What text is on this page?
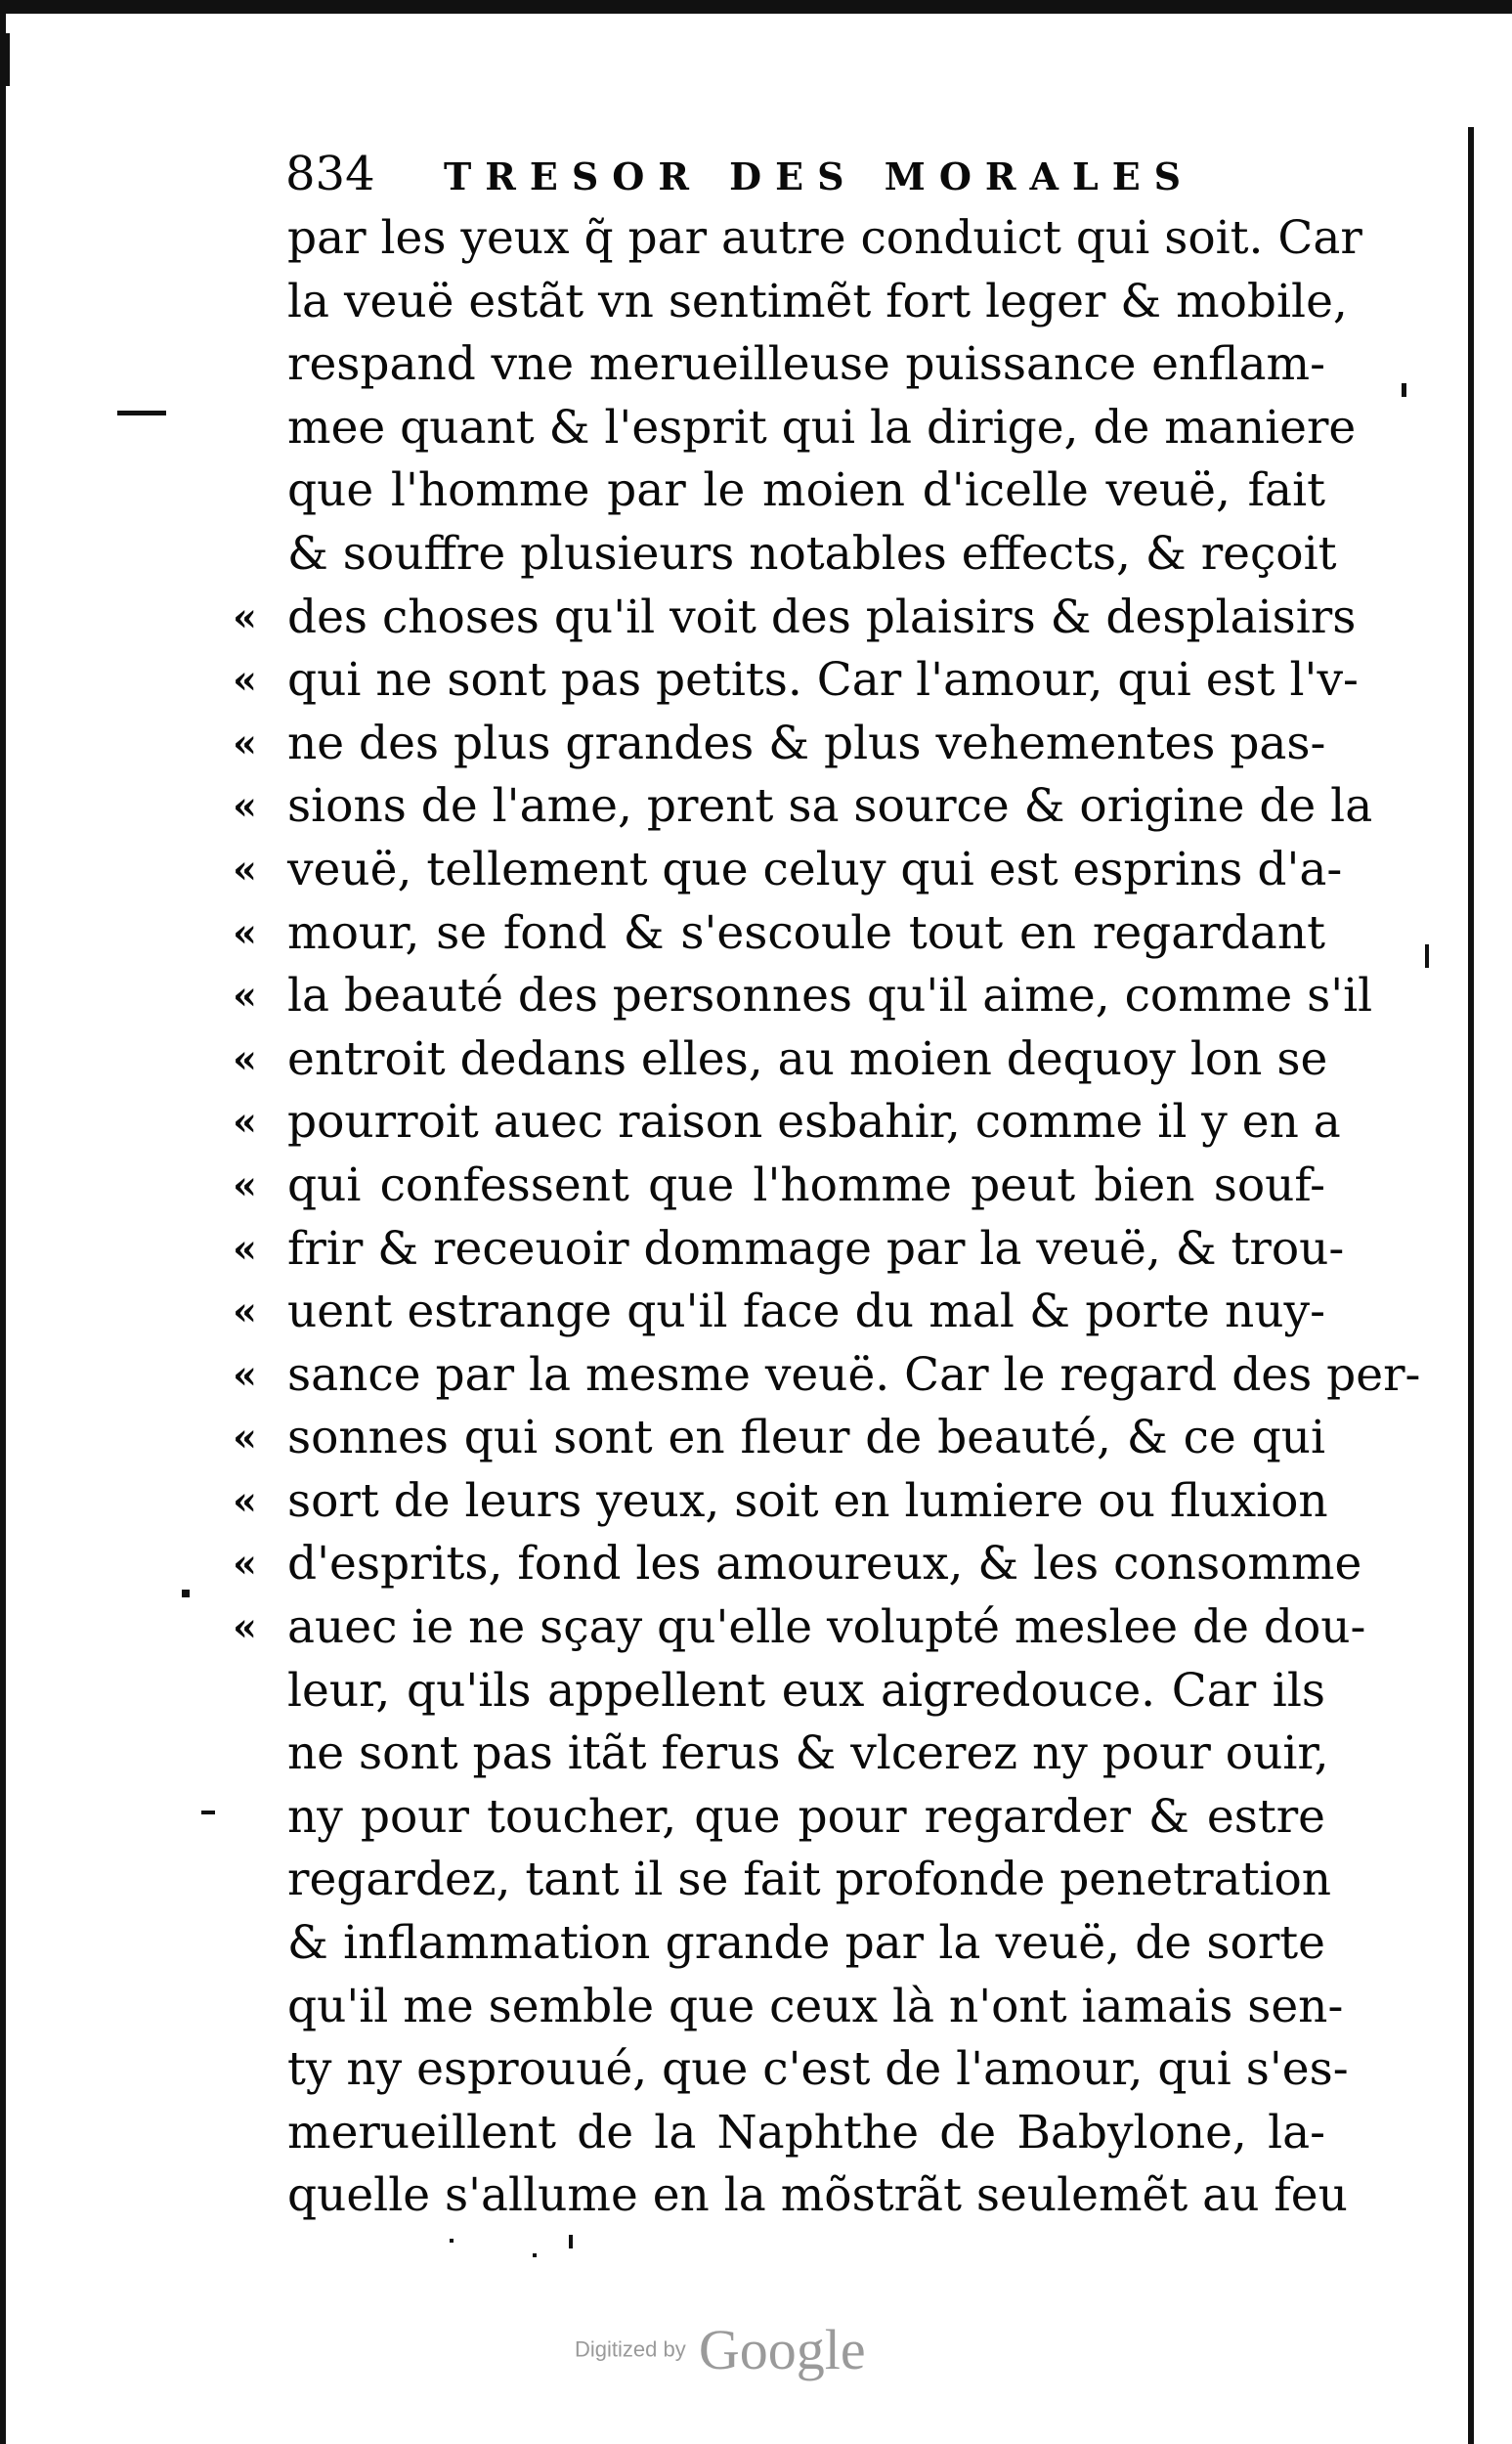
834 TRESOR DES MORALES
par les yeux q̃ par autre conduict qui soit. Car
la veuë estãt vn sentimẽt fort leger & mobile,
respand vne merueilleuse puissance enflam-
mee quant & l'esprit qui la dirige, de maniere
que l'homme par le moien d'icelle veuë, fait
& souffre plusieurs notables effects, & reçoit
« des choses qu'il voit des plaisirs & desplaisirs
« qui ne sont pas petits. Car l'amour, qui est l'v-
« ne des plus grandes & plus vehementes pas-
« sions de l'ame, prent sa source & origine de la
« veuë, tellement que celuy qui est esprins d'a-
« mour, se fond & s'escoule tout en regardant
« la beauté des personnes qu'il aime, comme s'il
« entroit dedans elles, au moien dequoy lon se
« pourroit auec raison esbahir, comme il y en a
« qui confessent que l'homme peut bien souf-
« frir & receuoir dommage par la veuë, & trou-
« uent estrange qu'il face du mal & porte nuy-
« sance par la mesme veuë. Car le regard des per-
« sonnes qui sont en fleur de beauté, & ce qui
« sort de leurs yeux, soit en lumiere ou fluxion
« d'esprits, fond les amoureux, & les consomme
« auec ie ne sçay qu'elle volupté meslee de dou-
leur, qu'ils appellent eux aigredouce. Car ils
ne sont pas itãt ferus & vlcerez ny pour ouir,
ny pour toucher, que pour regarder & estre
regardez, tant il se fait profonde penetration
& inflammation grande par la veuë, de sorte
qu'il me semble que ceux là n'ont iamais sen-
ty ny esprouué, que c'est de l'amour, qui s'es-
merueillent de la Naphthe de Babylone, la-
quelle s'allume en la mõstrãt seulemẽt au feu
Digitized by Google
